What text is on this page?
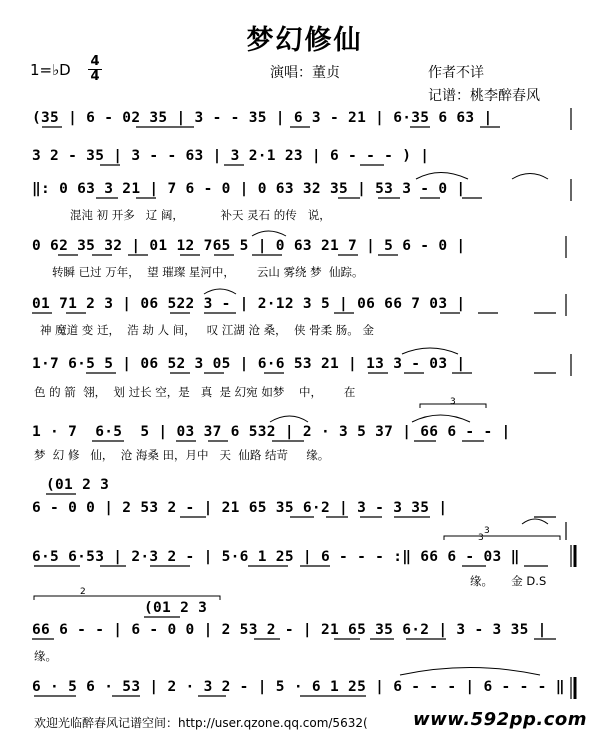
梦幻修仙
1=♭D 4
4	演唱：董贞	作者不详
记谱：桃李醉春风
(35 | 6 - 02 35 | 3 - - 35 | 6 3 - 21 | 6·35 6 63 |
3 2 - 35 | 3 - - 63 | 3 2·1 23 | 6 - - - ) |
‖: 0 63 3 21 | 7 6 - 0 | 0 63 32 35 | 53 3 - 0 |
混沌 初 开多   辽 阔，          补天 灵石 的传   说，
0 62 35 32 | 01 12 765 5 | 0 63 21 7 | 5 6 - 0 |
转瞬 已过 万年，  望 璀璨 星河中，      云山 雾绕 梦  仙踪。
01 71 2 3 | 06 522 3 - | 2·12 3 5 | 06 66 7 03 |
神 魔道 变 迁，  浩 劫 人 间，   叹 江湖 沧 桑，  侠 骨柔 肠。 金
1·7 6·5 5 | 06 52 3 05 | 6·6 53 21 | 13 3 - 03 |
色 的 箭  翎，  划 过长 空，是   真  是 幻宛 如梦    中，      在
1 · 7  6·5  5 | 03 37 6 532 | 2 · 3 5 37 | 66 6 - - |
梦  幻 修   仙，  沧 海桑 田，月中   天  仙路 结苛     缘。
(01 2 3
6 - 0 0 | 2 53 2 - | 21 65 35 6·2 | 3 - 3 35 |
6·5 6·53 | 2·3 2 - | 5·6 1 25 | 6 - - - :‖ 66 6 - 03 ‖
缘。     金 D.S
(01 2 3
66 6 - - | 6 - 0 0 | 2 53 2 - | 21 65 35 6·2 | 3 - 3 35 |
缘。
6 · 5 6 · 53 | 2 · 3 2 - | 5 · 6 1 25 | 6 - - - | 6 - - - ‖
欢迎光临醉春风记谱空间：http://user.qzone.qq.com/5632(	www.592pp.com
3
3
2
3
